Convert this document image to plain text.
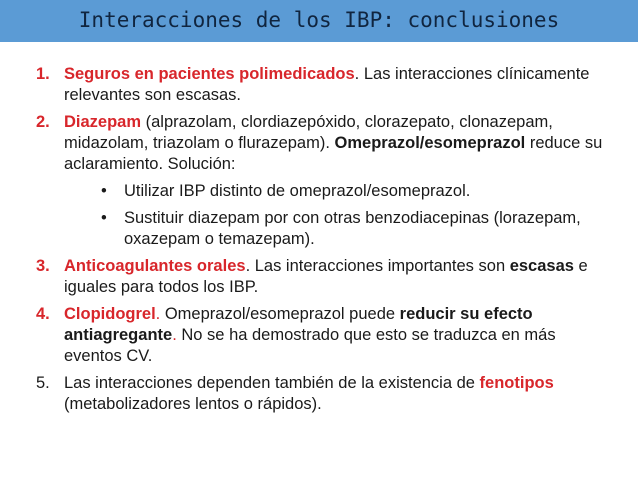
Interacciones de los IBP: conclusiones
1. Seguros en pacientes polimedicados. Las interacciones clínicamente relevantes son escasas.
2. Diazepam (alprazolam, clordiazepóxido, clorazepato, clonazepam, midazolam, triazolam o flurazepam). Omeprazol/esomeprazol reduce su aclaramiento. Solución:
• Utilizar IBP distinto de omeprazol/esomeprazol.
• Sustituir diazepam por con otras benzodiacepinas (lorazepam, oxazepam o temazepam).
3. Anticoagulantes orales. Las interacciones importantes son escasas e iguales para todos los IBP.
4. Clopidogrel. Omeprazol/esomeprazol puede reducir su efecto antiagregante. No se ha demostrado que esto se traduzca en más eventos CV.
5. Las interacciones dependen también de la existencia de fenotipos (metabolizadores lentos o rápidos).
